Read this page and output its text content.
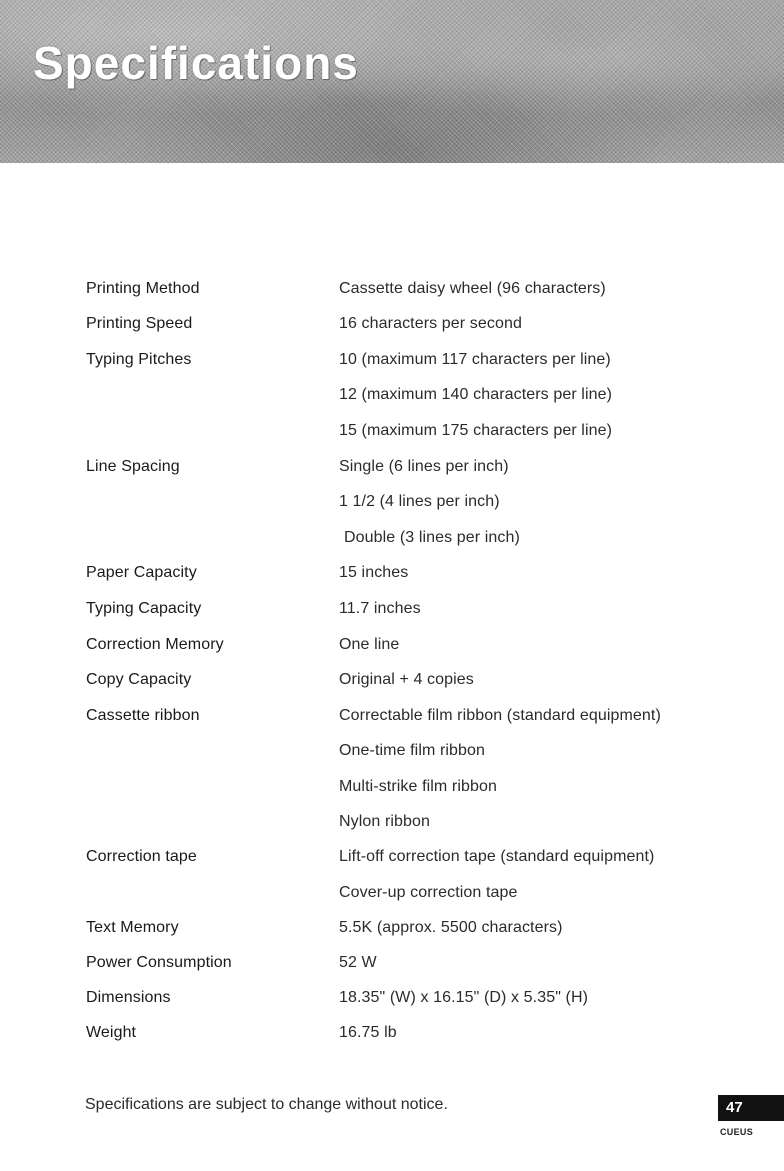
Specifications
Printing Method	Cassette daisy wheel (96 characters)
Printing Speed	16 characters per second
Typing Pitches	10 (maximum 117 characters per line)
12 (maximum 140 characters per line)
15 (maximum 175 characters per line)
Line Spacing	Single (6 lines per inch)
1 1/2 (4 lines per inch)
Double (3 lines per inch)
Paper Capacity	15 inches
Typing Capacity	11.7 inches
Correction Memory	One line
Copy Capacity	Original + 4 copies
Cassette ribbon	Correctable film ribbon (standard equipment)
One-time film ribbon
Multi-strike film ribbon
Nylon ribbon
Correction tape	Lift-off correction tape (standard equipment)
Cover-up correction tape
Text Memory	5.5K (approx. 5500 characters)
Power Consumption	52 W
Dimensions	18.35" (W) x 16.15" (D) x 5.35" (H)
Weight	16.75 lb

Specifications are subject to change without notice.	47
CUEUS
